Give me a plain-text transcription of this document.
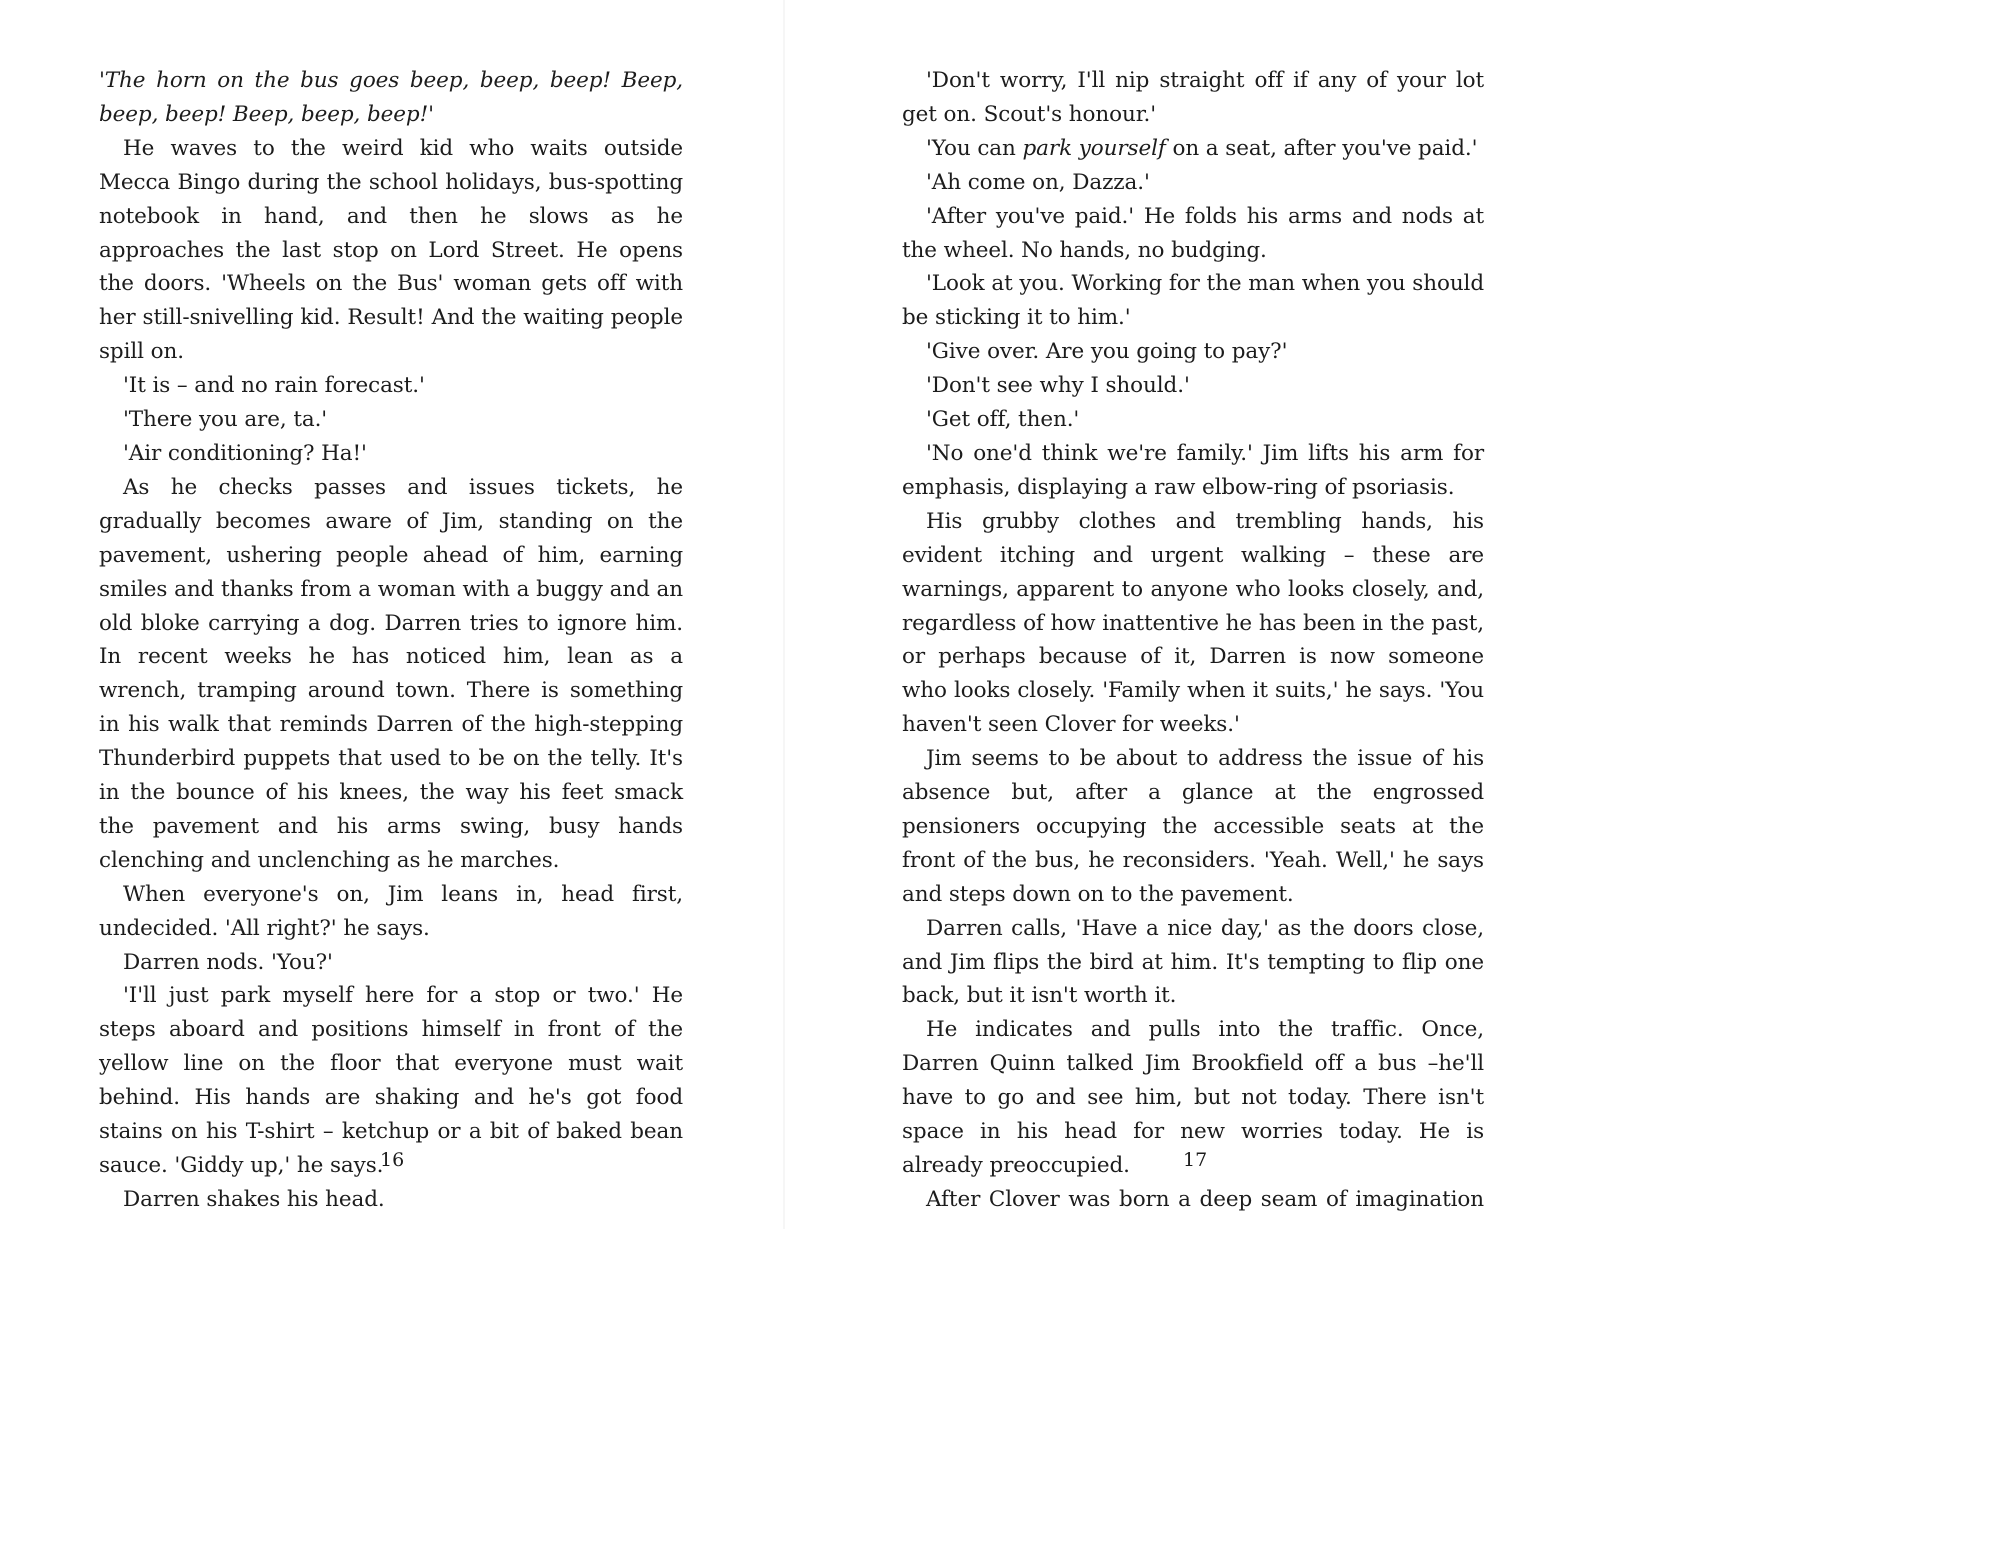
'The horn on the bus goes beep, beep, beep! Beep, beep, beep! Beep, beep, beep!'

He waves to the weird kid who waits outside Mecca Bingo during the school holidays, bus-spotting notebook in hand, and then he slows as he approaches the last stop on Lord Street. He opens the doors. 'Wheels on the Bus' woman gets off with her still-snivelling kid. Result! And the waiting people spill on.

'It is – and no rain forecast.'

'There you are, ta.'

'Air conditioning? Ha!'

As he checks passes and issues tickets, he gradually becomes aware of Jim, standing on the pavement, ushering people ahead of him, earning smiles and thanks from a woman with a buggy and an old bloke carrying a dog. Darren tries to ignore him. In recent weeks he has noticed him, lean as a wrench, tramping around town. There is something in his walk that reminds Darren of the high-stepping Thunderbird puppets that used to be on the telly. It's in the bounce of his knees, the way his feet smack the pavement and his arms swing, busy hands clenching and unclenching as he marches.

When everyone's on, Jim leans in, head first, undecided. 'All right?' he says.

Darren nods. 'You?'

'I'll just park myself here for a stop or two.' He steps aboard and positions himself in front of the yellow line on the floor that everyone must wait behind. His hands are shaking and he's got food stains on his T-shirt – ketchup or a bit of baked bean sauce. 'Giddy up,' he says.

Darren shakes his head.

16

'Don't worry, I'll nip straight off if any of your lot get on. Scout's honour.'

'You can park yourself on a seat, after you've paid.'

'Ah come on, Dazza.'

'After you've paid.' He folds his arms and nods at the wheel. No hands, no budging.

'Look at you. Working for the man when you should be sticking it to him.'

'Give over. Are you going to pay?'

'Don't see why I should.'

'Get off, then.'

'No one'd think we're family.' Jim lifts his arm for emphasis, displaying a raw elbow-ring of psoriasis.

His grubby clothes and trembling hands, his evident itching and urgent walking – these are warnings, apparent to anyone who looks closely, and, regardless of how inattentive he has been in the past, or perhaps because of it, Darren is now someone who looks closely. 'Family when it suits,' he says. 'You haven't seen Clover for weeks.'

Jim seems to be about to address the issue of his absence but, after a glance at the engrossed pensioners occupying the accessible seats at the front of the bus, he reconsiders. 'Yeah. Well,' he says and steps down on to the pavement.

Darren calls, 'Have a nice day,' as the doors close, and Jim flips the bird at him. It's tempting to flip one back, but it isn't worth it.

He indicates and pulls into the traffic. Once, Darren Quinn talked Jim Brookfield off a bus –he'll have to go and see him, but not today. There isn't space in his head for new worries today. He is already preoccupied.

After Clover was born a deep seam of imagination

17
